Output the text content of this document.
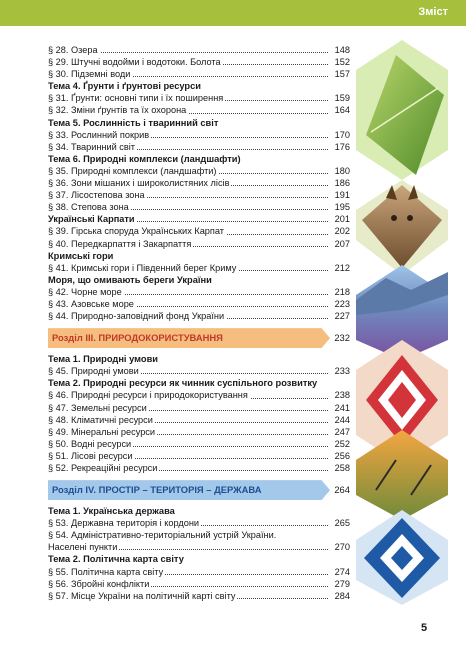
Зміст
§ 28. Озера	148
§ 29. Штучні водойми і водотоки. Болота	152
§ 30. Підземні води	157
Тема 4. Ґрунти і ґрунтові ресурси
§ 31. Ґрунти: основні типи і їх поширення	159
§ 32. Зміни ґрунтів та їх охорона	164
Тема 5. Рослинність і тваринний світ
§ 33. Рослинний покрив	170
§ 34. Тваринний світ	176
Тема 6. Природні комплекси (ландшафти)
§ 35. Природні комплекси (ландшафти)	180
§ 36. Зони мішаних і широколистяних лісів	186
§ 37. Лісостепова зона	191
§ 38. Степова зона	195
Українські Карпати	201
§ 39. Гірська споруда Українських Карпат	202
§ 40. Передкарпаття і Закарпаття	207
Кримські гори
§ 41. Кримські гори і Південний берег Криму	212
Моря, що омивають береги України
§ 42. Чорне море	218
§ 43. Азовське море	223
§ 44. Природно-заповідний фонд України	227
Розділ ІІІ. ПРИРОДОКОРИСТУВАННЯ	232
Тема 1. Природні умови
§ 45. Природні умови	233
Тема 2. Природні ресурси як чинник суспільного розвитку
§ 46. Природні ресурси і природокористування	238
§ 47. Земельні ресурси	241
§ 48. Кліматичні ресурси	244
§ 49. Мінеральні ресурси	247
§ 50. Водні ресурси	252
§ 51. Лісові ресурси	256
§ 52. Рекреаційні ресурси	258
Розділ IV. ПРОСТІР – ТЕРИТОРІЯ – ДЕРЖАВА	264
Тема 1. Українська держава
§ 53. Державна територія і кордони	265
§ 54. Адміністративно-територіальний устрій України.
Населені пункти	270
Тема 2. Політична карта світу
§ 55. Політична карта світу	274
§ 56. Збройні конфлікти	279
§ 57. Місце України на політичній карті світу	284
5
